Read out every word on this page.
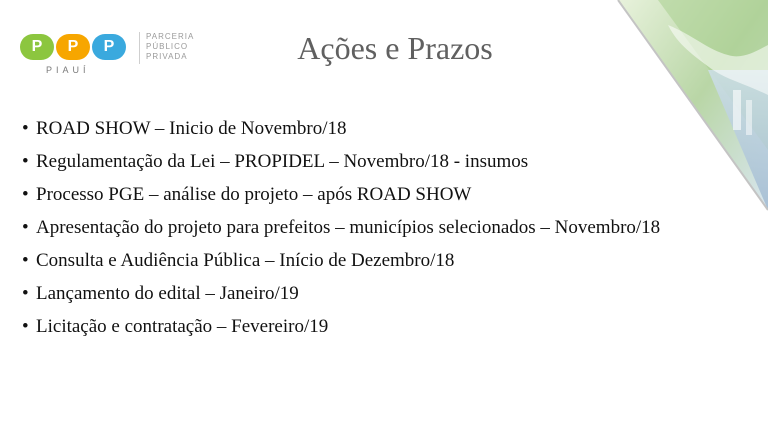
P	P	P
PIAUÍ
PARCERIA
PÚBLICO
PRIVADA	Ações e Prazos
• ROAD SHOW – Inicio de Novembro/18
• Regulamentação da Lei – PROPIDEL – Novembro/18 - insumos
• Processo PGE – análise do projeto – após ROAD SHOW
• Apresentação do projeto para prefeitos – municípios selecionados – Novembro/18
• Consulta e Audiência Pública – Início de Dezembro/18
• Lançamento do edital – Janeiro/19
• Licitação e contratação – Fevereiro/19
